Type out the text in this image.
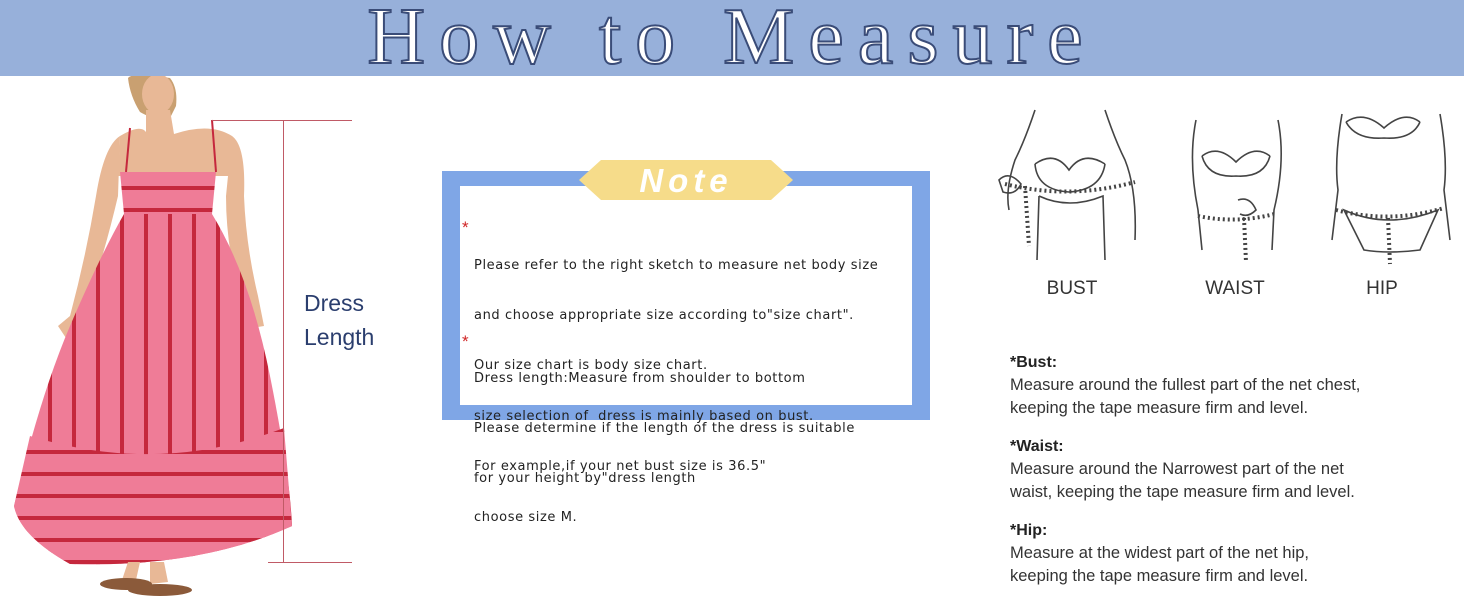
How to Measure
Dress
Length
Note
*

Please refer to the right sketch to measure net body size

and choose appropriate size according to"size chart".

Our size chart is body size chart.

size selection of  dress is mainly based on bust.

For example,if your net bust size is 36.5"

choose size M.

*

Dress length:Measure from shoulder to bottom

Please determine if the length of the dress is suitable

for your height by"dress length

BUST	WAIST	HIP
*Bust:
Measure around the fullest part of the net chest,
keeping the tape measure firm and level.
*Waist:
Measure around the Narrowest part of the net
waist, keeping the tape measure firm and level.
*Hip:
Measure at the widest part of the net hip,
keeping the tape measure firm and level.
